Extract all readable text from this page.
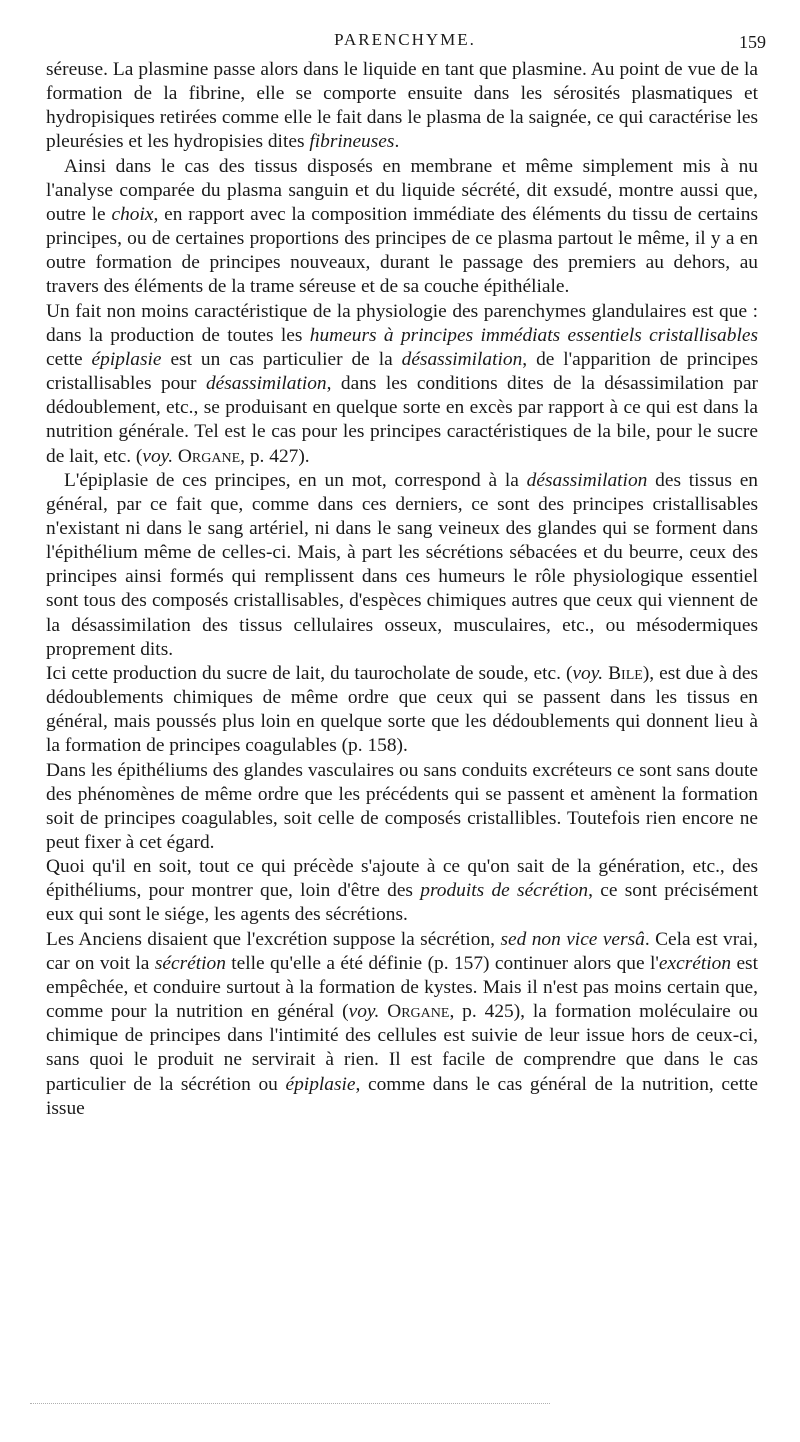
PARENCHYME.	159

séreuse. La plasmine passe alors dans le liquide en tant que plasmine. Au point de vue de la formation de la fibrine, elle se comporte ensuite dans les sérosités plasmatiques et hydropisiques retirées comme elle le fait dans le plasma de la saignée, ce qui caractérise les pleurésies et les hydropisies dites fibrineuses.

Ainsi dans le cas des tissus disposés en membrane et même simplement mis à nu l'analyse comparée du plasma sanguin et du liquide sécrété, dit exsudé, montre aussi que, outre le choix, en rapport avec la composition immédiate des éléments du tissu de certains principes, ou de certaines proportions des principes de ce plasma partout le même, il y a en outre formation de principes nouveaux, durant le passage des premiers au dehors, au travers des éléments de la trame séreuse et de sa couche épithéliale.

Un fait non moins caractéristique de la physiologie des parenchymes glandulaires est que : dans la production de toutes les humeurs à principes immédiats essentiels cristallisables cette épiplasie est un cas particulier de la désassimilation, de l'apparition de principes cristallisables pour désassimilation, dans les conditions dites de la désassimilation par dédoublement, etc., se produisant en quelque sorte en excès par rapport à ce qui est dans la nutrition générale. Tel est le cas pour les principes caractéristiques de la bile, pour le sucre de lait, etc. (voy. Organe, p. 427).

L'épiplasie de ces principes, en un mot, correspond à la désassimilation des tissus en général, par ce fait que, comme dans ces derniers, ce sont des principes cristallisables n'existant ni dans le sang artériel, ni dans le sang veineux des glandes qui se forment dans l'épithélium même de celles-ci. Mais, à part les sécrétions sébacées et du beurre, ceux des principes ainsi formés qui remplissent dans ces humeurs le rôle physiologique essentiel sont tous des composés cristallisables, d'espèces chimiques autres que ceux qui viennent de la désassimilation des tissus cellulaires osseux, musculaires, etc., ou mésodermiques proprement dits.

Ici cette production du sucre de lait, du taurocholate de soude, etc. (voy. Bile), est due à des dédoublements chimiques de même ordre que ceux qui se passent dans les tissus en général, mais poussés plus loin en quelque sorte que les dédoublements qui donnent lieu à la formation de principes coagulables (p. 158).

Dans les épithéliums des glandes vasculaires ou sans conduits excréteurs ce sont sans doute des phénomènes de même ordre que les précédents qui se passent et amènent la formation soit de principes coagulables, soit celle de composés cristallibles. Toutefois rien encore ne peut fixer à cet égard.

Quoi qu'il en soit, tout ce qui précède s'ajoute à ce qu'on sait de la génération, etc., des épithéliums, pour montrer que, loin d'être des produits de sécrétion, ce sont précisément eux qui sont le siége, les agents des sécrétions.

Les Anciens disaient que l'excrétion suppose la sécrétion, sed non vice versâ. Cela est vrai, car on voit la sécrétion telle qu'elle a été définie (p. 157) continuer alors que l'excrétion est empêchée, et conduire surtout à la formation de kystes. Mais il n'est pas moins certain que, comme pour la nutrition en général (voy. Organe, p. 425), la formation moléculaire ou chimique de principes dans l'intimité des cellules est suivie de leur issue hors de ceux-ci, sans quoi le produit ne servirait à rien. Il est facile de comprendre que dans le cas particulier de la sécrétion ou épiplasie, comme dans le cas général de la nutrition, cette issue
